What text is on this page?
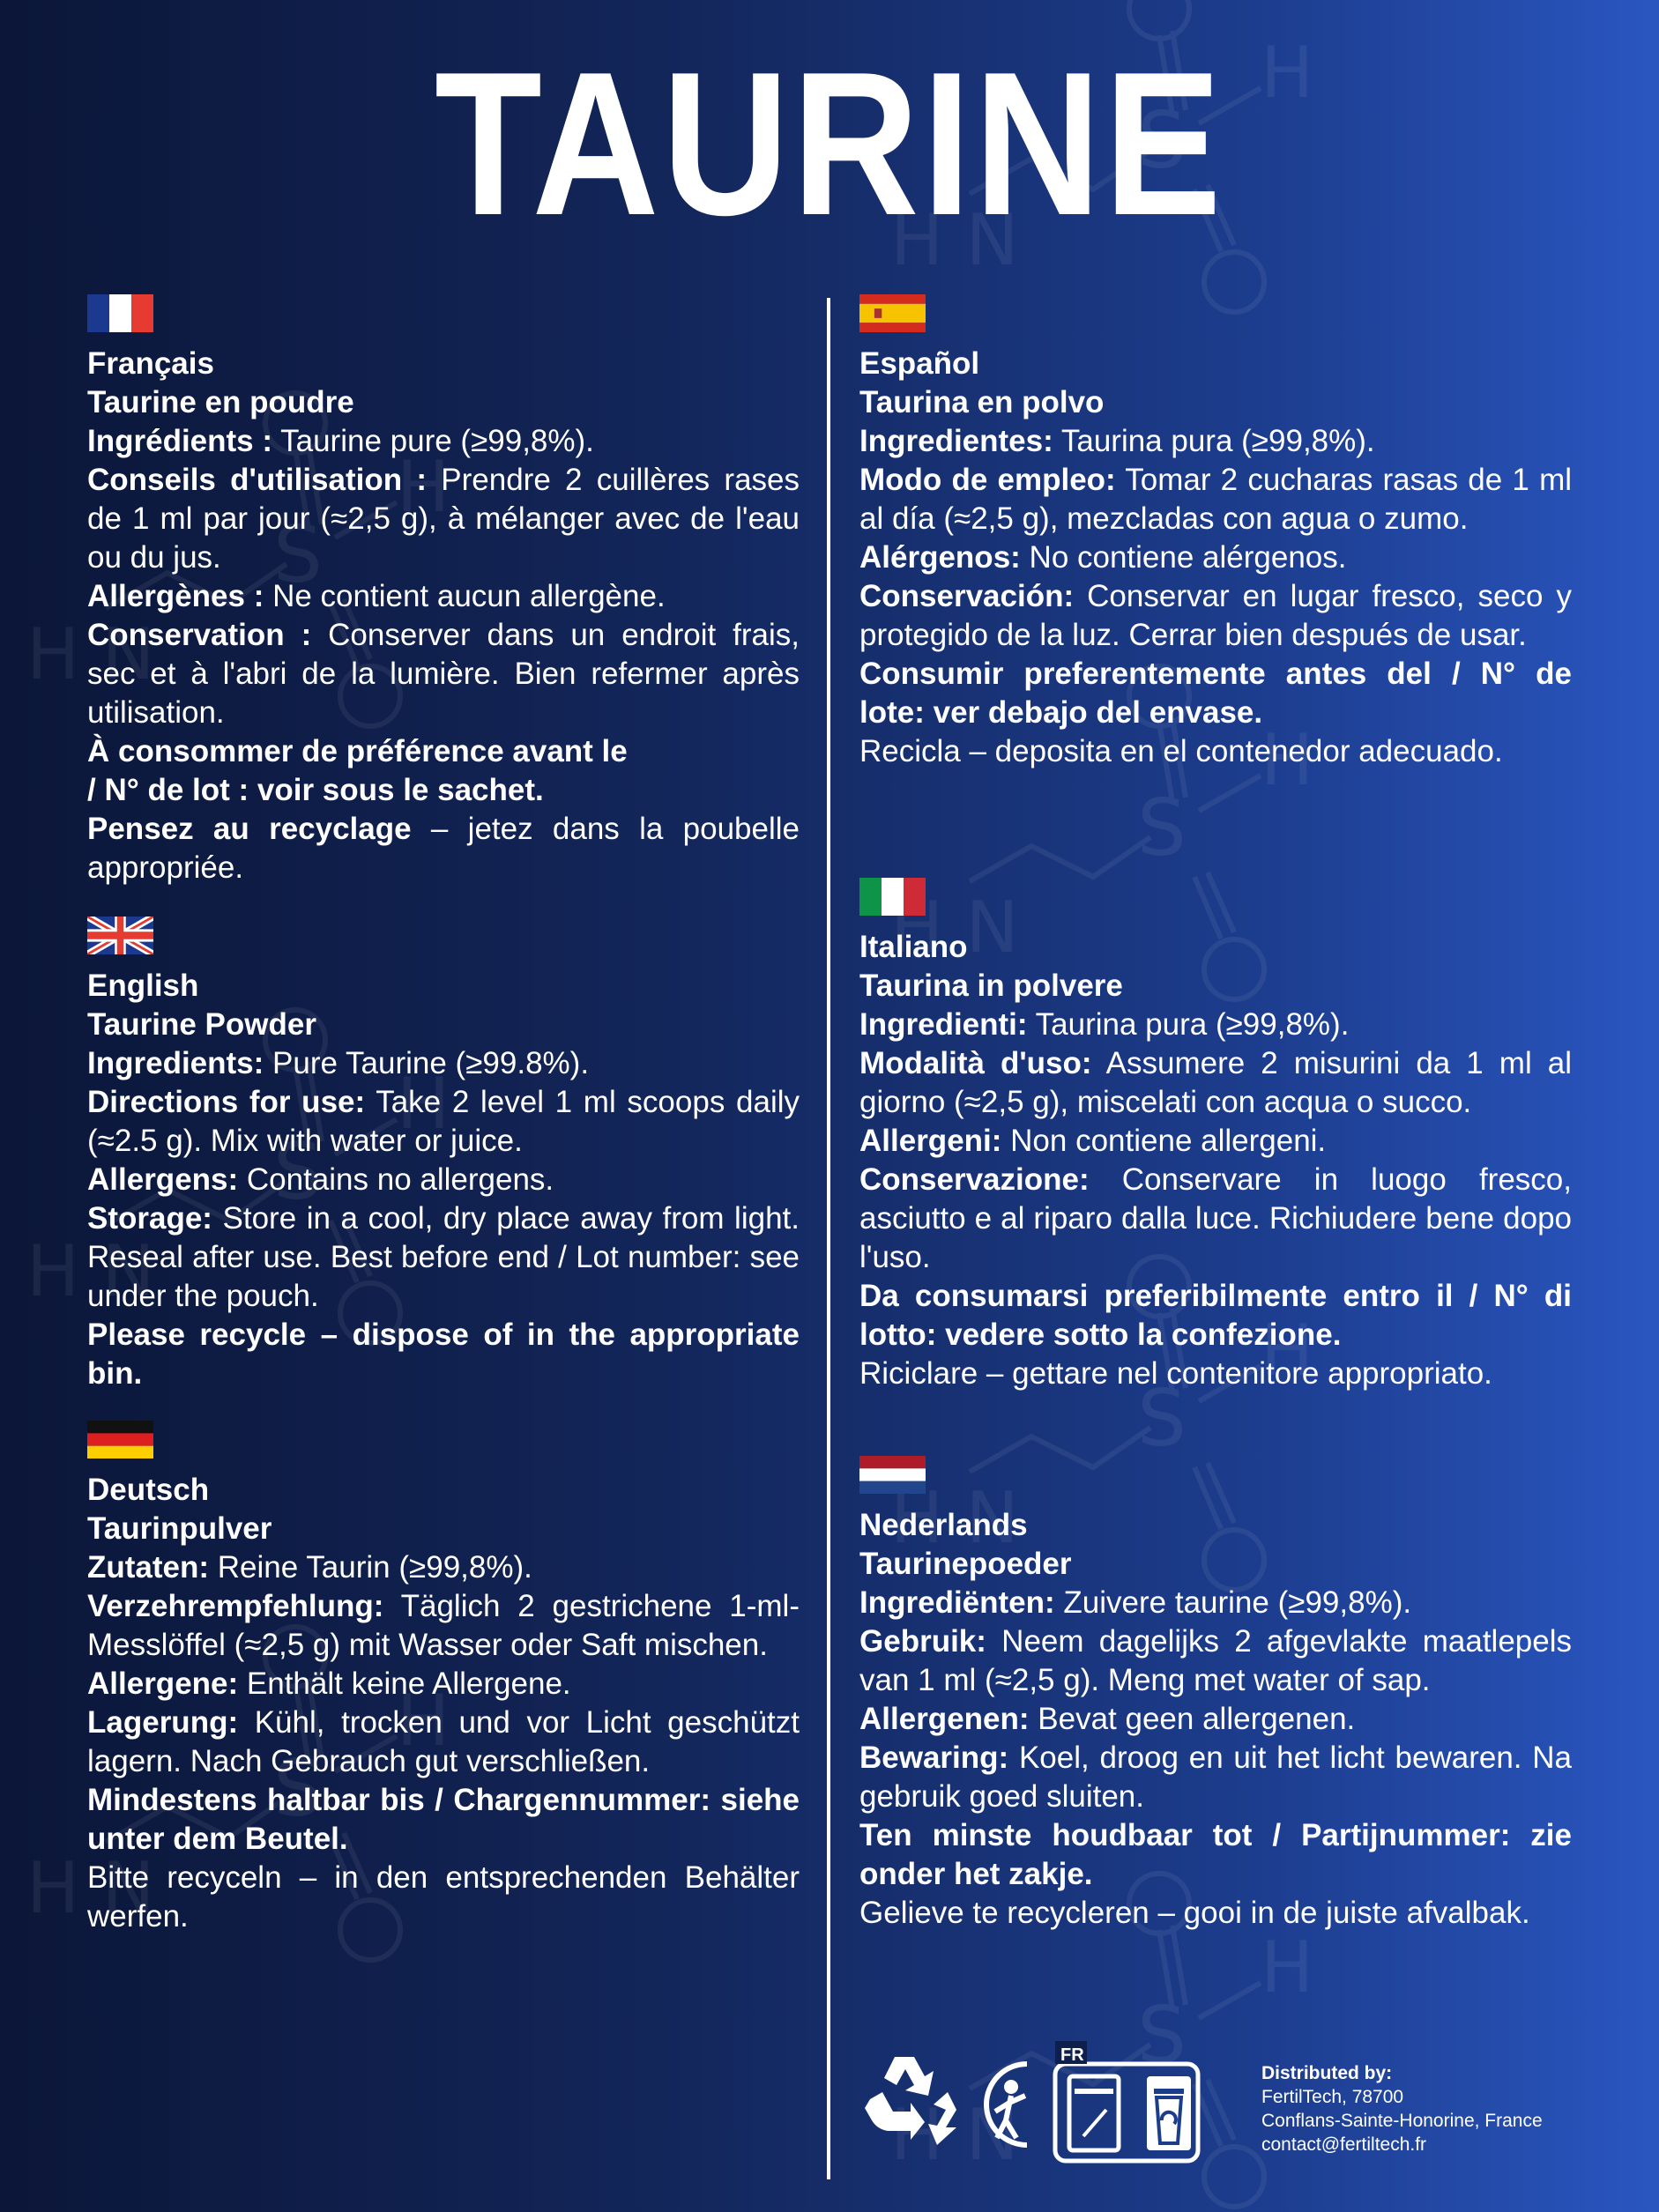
S
H
H N	TAURINE

Français

Taurine en poudre

Ingrédients : Taurine pure (≥99,8%).

Conseils d'utilisation : Prendre 2 cuillères rases de 1 ml par jour (≈2,5 g), à mélanger avec de l'eau ou du jus.

Allergènes : Ne contient aucun allergène.

Conservation : Conserver dans un endroit frais, sec et à l'abri de la lumière. Bien refermer après utilisation.

À consommer de préférence avant le

/ N° de lot : voir sous le sachet.

Pensez au recyclage – jetez dans la poubelle appropriée.

English

Taurine Powder

Ingredients: Pure Taurine (≥99.8%).

Directions for use: Take 2 level 1 ml scoops daily (≈2.5 g). Mix with water or juice.

Allergens: Contains no allergens.

Storage: Store in a cool, dry place away from light. Reseal after use. Best before end / Lot number: see under the pouch.

Please recycle – dispose of in the appropriate bin.

Deutsch

Taurinpulver

Zutaten: Reine Taurin (≥99,8%).

Verzehrempfehlung: Täglich 2 gestrichene 1-ml-Messlöffel (≈2,5 g) mit Wasser oder Saft mischen.

Allergene: Enthält keine Allergene.

Lagerung: Kühl, trocken und vor Licht geschützt lagern. Nach Gebrauch gut verschließen.

Mindestens haltbar bis / Chargennummer: siehe unter dem Beutel.

Bitte recyceln – in den entsprechenden Behälter werfen.

Español

Taurina en polvo

Ingredientes: Taurina pura (≥99,8%).

Modo de empleo: Tomar 2 cucharas rasas de 1 ml al día (≈2,5 g), mezcladas con agua o zumo.

Alérgenos: No contiene alérgenos.

Conservación: Conservar en lugar fresco, seco y protegido de la luz. Cerrar bien después de usar.

Consumir preferentemente antes del / N° de lote: ver debajo del envase.

Recicla – deposita en el contenedor adecuado.

Italiano

Taurina in polvere

Ingredienti: Taurina pura (≥99,8%).

Modalità d'uso: Assumere 2 misurini da 1 ml al giorno (≈2,5 g), miscelati con acqua o succo.

Allergeni: Non contiene allergeni.

Conservazione: Conservare in luogo fresco, asciutto e al riparo dalla luce. Richiudere bene dopo l'uso.

Da consumarsi preferibilmente entro il / N° di lotto: vedere sotto la confezione.

Riciclare – gettare nel contenitore appropriato.

Nederlands

Taurinepoeder

Ingrediënten: Zuivere taurine (≥99,8%).

Gebruik: Neem dagelijks 2 afgevlakte maatlepels van 1 ml (≈2,5 g). Meng met water of sap.

Allergenen: Bevat geen allergenen.

Bewaring: Koel, droog en uit het licht bewaren. Na gebruik goed sluiten.

Ten minste houdbaar tot / Partijnummer: zie onder het zakje.

Gelieve te recycleren – gooi in de juiste afvalbak.

FR
Distributed by:
FertilTech, 78700
Conflans-Sainte-Honorine, France
contact@fertiltech.fr
